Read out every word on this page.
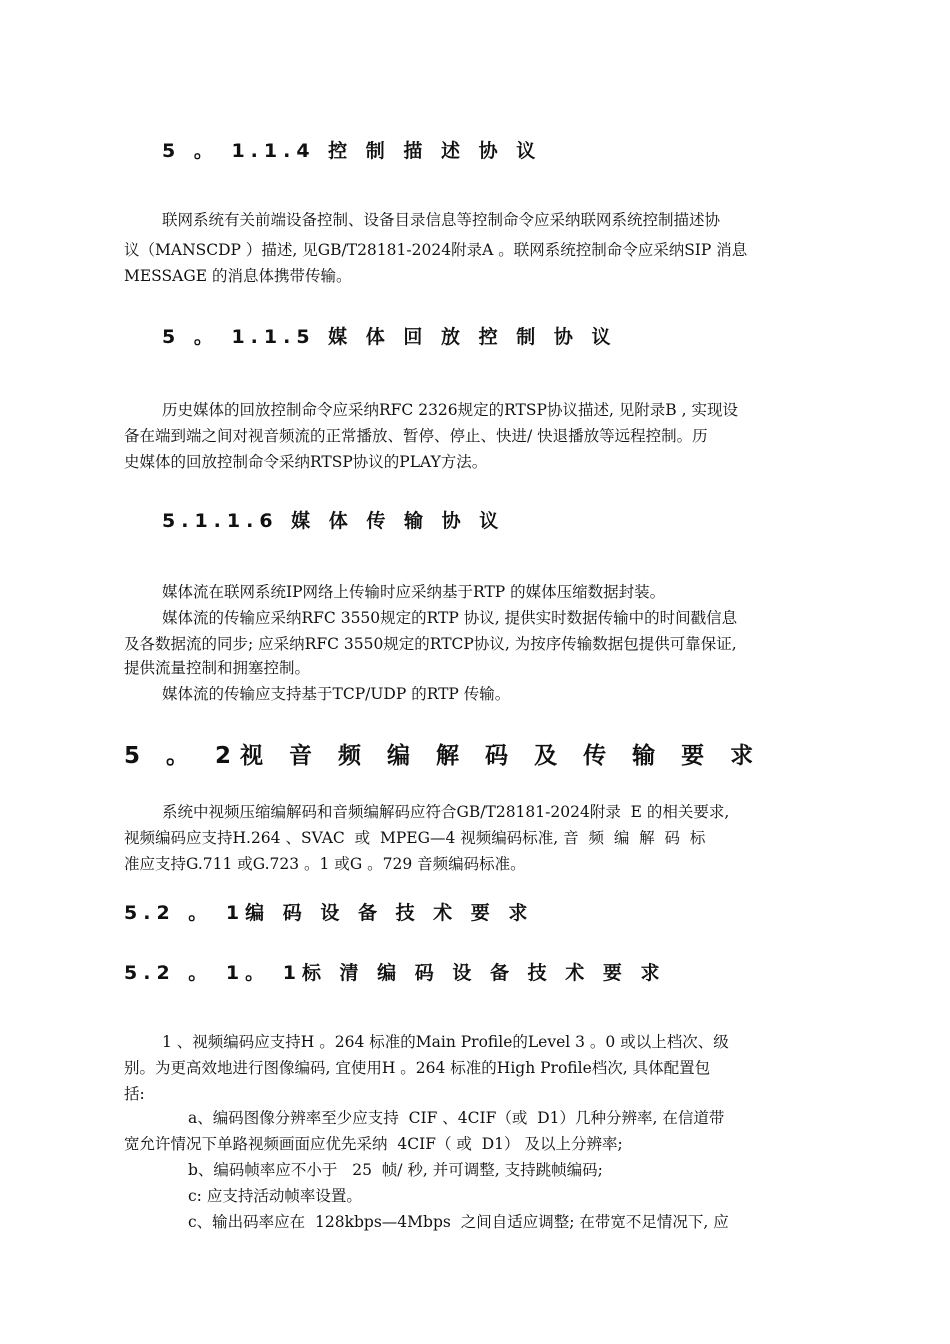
5 。 1.1.4 控 制 描 述 协 议
联网系统有关前端设备控制、设备目录信息等控制命令应采纳联网系统控制描述协
议（MANSCDP ）描述, 见GB/T28181-2024附录A 。联网系统控制命令应采纳SIP 消息
MESSAGE 的消息体携带传输。
5 。 1.1.5 媒 体 回 放 控 制 协 议
历史媒体的回放控制命令应采纳RFC 2326规定的RTSP协议描述, 见附录B , 实现设
备在端到端之间对视音频流的正常播放、暂停、停止、快进/ 快退播放等远程控制。历
史媒体的回放控制命令采纳RTSP协议的PLAY方法。
5.1.1.6 媒 体 传 输 协 议
媒体流在联网系统IP网络上传输时应采纳基于RTP 的媒体压缩数据封装。
媒体流的传输应采纳RFC 3550规定的RTP 协议, 提供实时数据传输中的时间戳信息
及各数据流的同步; 应采纳RFC 3550规定的RTCP协议, 为按序传输数据包提供可靠保证,
提供流量控制和拥塞控制。
媒体流的传输应支持基于TCP/UDP 的RTP 传输。
5 。 2视 音 频 编 解 码 及 传 输 要 求
系统中视频压缩编解码和音频编解码应符合GB/T28181-2024附录  E 的相关要求,
视频编码应支持H.264 、SVAC  或  MPEG—4 视频编码标准, 音  频  编  解  码  标
准应支持G.711 或G.723 。1 或G 。729 音频编码标准。
5.2 。 1编 码 设 备 技 术 要 求
5.2 。 1。 1标 清 编 码 设 备 技 术 要 求
1 、视频编码应支持H 。264 标准的Main Profile的Level 3 。0 或以上档次、级
别。为更高效地进行图像编码, 宜使用H 。264 标准的High Profile档次, 具体配置包
括:
a、编码图像分辨率至少应支持  CIF 、4CIF（或  D1）几种分辨率, 在信道带
宽允许情况下单路视频画面应优先采纳  4CIF（ 或  D1） 及以上分辨率;
b、编码帧率应不小于   25  帧/ 秒, 并可调整, 支持跳帧编码;
c: 应支持活动帧率设置。
c、输出码率应在  128kbps—4Mbps  之间自适应调整; 在带宽不足情况下, 应
